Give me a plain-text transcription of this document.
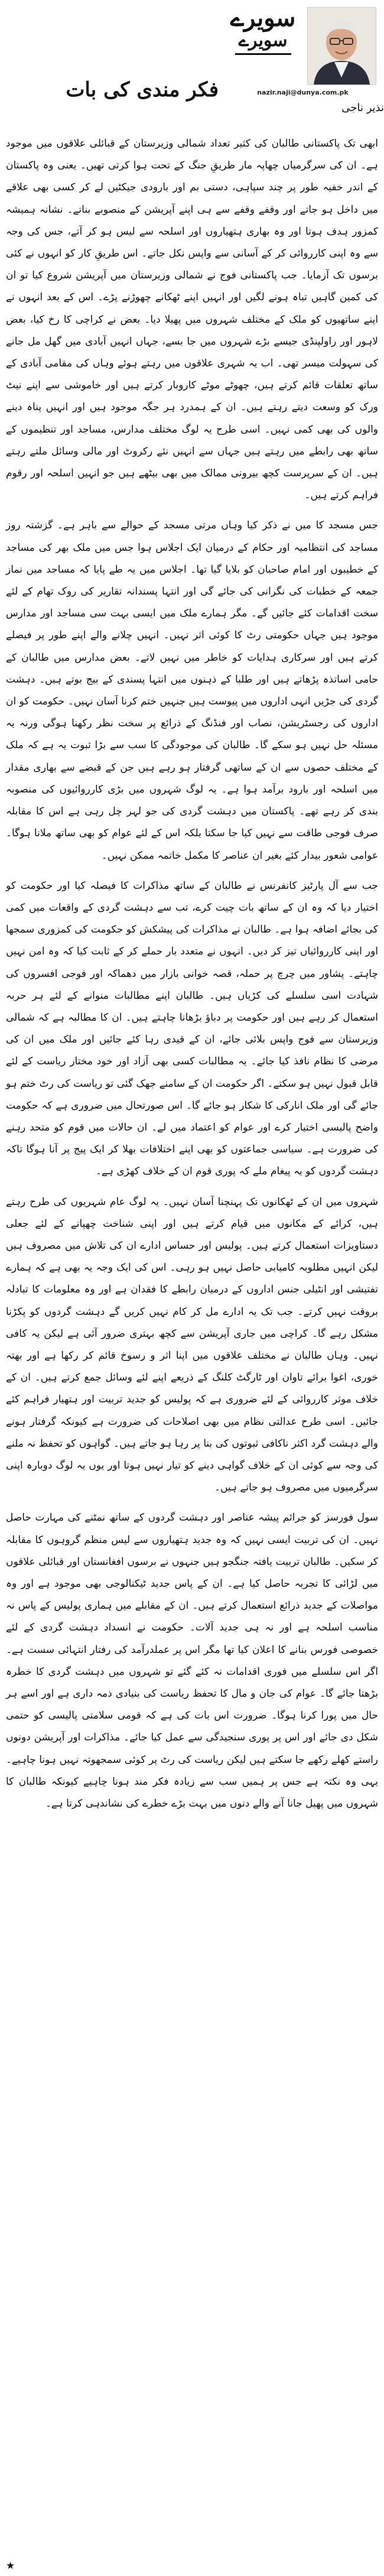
سویرے
سویرے
nazir.naji@dunya.com.pk
نذیر ناجی
فکر مندی کی بات

ابھی تک پاکستانی طالبان کی کثیر تعداد شمالی وزیرستان کے قبائلی علاقوں میں موجود ہے۔ ان کی سرگرمیاں چھاپہ مار طریقِ جنگ کے تحت ہوا کرتی تھیں۔ یعنی وہ پاکستان کے اندر خفیہ طور پر چند سپاہی، دستی بم اور بارودی جیکٹیں لے کر کسی بھی علاقے میں داخل ہو جاتے اور وقفے وقفے سے ہی اپنے آپریشن کے منصوبے بناتے۔ نشانہ ہمیشہ کمزور ہدف ہوتا اور وہ بھاری ہتھیاروں اور اسلحہ سے لیس ہو کر آتے، جس کی وجہ سے وہ اپنی کارروائی کر کے آسانی سے واپس نکل جاتے۔ اس طریقِ کار کو انہوں نے کئی برسوں تک آزمایا۔ جب پاکستانی فوج نے شمالی وزیرستان میں آپریشن شروع کیا تو ان کی کمین گاہیں تباہ ہونے لگیں اور انہیں اپنے ٹھکانے چھوڑنے پڑے۔ اس کے بعد انہوں نے اپنے ساتھیوں کو ملک کے مختلف شہروں میں پھیلا دیا۔ بعض نے کراچی کا رخ کیا، بعض لاہور اور راولپنڈی جیسے بڑے شہروں میں جا بسے، جہاں انہیں آبادی میں گھل مل جانے کی سہولت میسر تھی۔ اب یہ شہری علاقوں میں رہتے ہوئے وہاں کی مقامی آبادی کے ساتھ تعلقات قائم کرتے ہیں، چھوٹے موٹے کاروبار کرتے ہیں اور خاموشی سے اپنے نیٹ ورک کو وسعت دیتے رہتے ہیں۔ ان کے ہمدرد ہر جگہ موجود ہیں اور انہیں پناہ دینے والوں کی بھی کمی نہیں۔ اسی طرح یہ لوگ مختلف مدارس، مساجد اور تنظیموں کے ساتھ بھی رابطے میں رہتے ہیں جہاں سے انہیں نئے رکروٹ اور مالی وسائل ملتے رہتے ہیں۔ ان کے سرپرست کچھ بیرونی ممالک میں بھی بیٹھے ہیں جو انہیں اسلحہ اور رقوم فراہم کرتے ہیں۔

جس مسجد کا میں نے ذکر کیا وہاں مرتی مسجد کے حوالے سے باہر ہے۔ گزشتہ روز مساجد کی انتظامیہ اور حکام کے درمیان ایک اجلاس ہوا جس میں ملک بھر کی مساجد کے خطیبوں اور امام صاحبان کو بلایا گیا تھا۔ اجلاس میں یہ طے پایا کہ مساجد میں نماز جمعہ کے خطبات کی نگرانی کی جائے گی اور انتہا پسندانہ تقاریر کی روک تھام کے لئے سخت اقدامات کئے جائیں گے۔ مگر ہمارے ملک میں ایسی بہت سی مساجد اور مدارس موجود ہیں جہاں حکومتی رٹ کا کوئی اثر نہیں۔ انہیں چلانے والے اپنے طور پر فیصلے کرتے ہیں اور سرکاری ہدایات کو خاطر میں نہیں لاتے۔ بعض مدارس میں طالبان کے حامی اساتذہ پڑھاتے ہیں اور طلبا کے ذہنوں میں انتہا پسندی کے بیج بوتے ہیں۔ دہشت گردی کی جڑیں انہی اداروں میں پیوست ہیں جنہیں ختم کرنا آسان نہیں۔ حکومت کو ان اداروں کی رجسٹریشن، نصاب اور فنڈنگ کے ذرائع پر سخت نظر رکھنا ہوگی ورنہ یہ مسئلہ حل نہیں ہو سکے گا۔ طالبان کی موجودگی کا سب سے بڑا ثبوت یہ ہے کہ ملک کے مختلف حصوں سے ان کے ساتھی گرفتار ہو رہے ہیں جن کے قبضے سے بھاری مقدار میں اسلحہ اور بارود برآمد ہوا ہے۔ یہ لوگ شہروں میں بڑی کارروائیوں کی منصوبہ بندی کر رہے تھے۔ پاکستان میں دہشت گردی کی جو لہر چل رہی ہے اس کا مقابلہ صرف فوجی طاقت سے نہیں کیا جا سکتا بلکہ اس کے لئے عوام کو بھی ساتھ ملانا ہوگا۔ عوامی شعور بیدار کئے بغیر ان عناصر کا مکمل خاتمہ ممکن نہیں۔

جب سے آل پارٹیز کانفرنس نے طالبان کے ساتھ مذاکرات کا فیصلہ کیا اور حکومت کو اختیار دیا کہ وہ ان کے ساتھ بات چیت کرے، تب سے دہشت گردی کے واقعات میں کمی کی بجائے اضافہ ہوا ہے۔ طالبان نے مذاکرات کی پیشکش کو حکومت کی کمزوری سمجھا اور اپنی کارروائیاں تیز کر دیں۔ انہوں نے متعدد بار حملے کر کے ثابت کیا کہ وہ امن نہیں چاہتے۔ پشاور میں چرچ پر حملہ، قصہ خوانی بازار میں دھماکہ اور فوجی افسروں کی شہادت اسی سلسلے کی کڑیاں ہیں۔ طالبان اپنے مطالبات منوانے کے لئے ہر حربہ استعمال کر رہے ہیں اور حکومت پر دباؤ بڑھانا چاہتے ہیں۔ ان کا مطالبہ ہے کہ شمالی وزیرستان سے فوج واپس بلائی جائے، ان کے قیدی رہا کئے جائیں اور ملک میں ان کی مرضی کا نظام نافذ کیا جائے۔ یہ مطالبات کسی بھی آزاد اور خود مختار ریاست کے لئے قابل قبول نہیں ہو سکتے۔ اگر حکومت ان کے سامنے جھک گئی تو ریاست کی رٹ ختم ہو جائے گی اور ملک انارکی کا شکار ہو جائے گا۔ اس صورتحال میں ضروری ہے کہ حکومت واضح پالیسی اختیار کرے اور عوام کو اعتماد میں لے۔ ان حالات میں قوم کو متحد رہنے کی ضرورت ہے۔ سیاسی جماعتوں کو بھی اپنے اختلافات بھلا کر ایک پیج پر آنا ہوگا تاکہ دہشت گردوں کو یہ پیغام ملے کہ پوری قوم ان کے خلاف کھڑی ہے۔

شہروں میں ان کے ٹھکانوں تک پہنچنا آسان نہیں۔ یہ لوگ عام شہریوں کی طرح رہتے ہیں، کرائے کے مکانوں میں قیام کرتے ہیں اور اپنی شناخت چھپانے کے لئے جعلی دستاویزات استعمال کرتے ہیں۔ پولیس اور حساس ادارے ان کی تلاش میں مصروف ہیں لیکن انہیں مطلوبہ کامیابی حاصل نہیں ہو رہی۔ اس کی ایک وجہ یہ بھی ہے کہ ہمارے تفتیشی اور انٹیلی جنس اداروں کے درمیان رابطے کا فقدان ہے اور وہ معلومات کا تبادلہ بروقت نہیں کرتے۔ جب تک یہ ادارے مل کر کام نہیں کریں گے دہشت گردوں کو پکڑنا مشکل رہے گا۔ کراچی میں جاری آپریشن سے کچھ بہتری ضرور آئی ہے لیکن یہ کافی نہیں۔ وہاں طالبان نے مختلف علاقوں میں اپنا اثر و رسوخ قائم کر رکھا ہے اور بھتہ خوری، اغوا برائے تاوان اور ٹارگٹ کلنگ کے ذریعے اپنے لئے وسائل جمع کرتے ہیں۔ ان کے خلاف موثر کارروائی کے لئے ضروری ہے کہ پولیس کو جدید تربیت اور ہتھیار فراہم کئے جائیں۔ اسی طرح عدالتی نظام میں بھی اصلاحات کی ضرورت ہے کیونکہ گرفتار ہونے والے دہشت گرد اکثر ناکافی ثبوتوں کی بنا پر رہا ہو جاتے ہیں۔ گواہوں کو تحفظ نہ ملنے کی وجہ سے کوئی ان کے خلاف گواہی دینے کو تیار نہیں ہوتا اور یوں یہ لوگ دوبارہ اپنی سرگرمیوں میں مصروف ہو جاتے ہیں۔

سول فورسز کو جرائم پیشہ عناصر اور دہشت گردوں کے ساتھ نمٹنے کی مہارت حاصل نہیں۔ ان کی تربیت ایسی نہیں کہ وہ جدید ہتھیاروں سے لیس منظم گروہوں کا مقابلہ کر سکیں۔ طالبان تربیت یافتہ جنگجو ہیں جنہوں نے برسوں افغانستان اور قبائلی علاقوں میں لڑائی کا تجربہ حاصل کیا ہے۔ ان کے پاس جدید ٹیکنالوجی بھی موجود ہے اور وہ مواصلات کے جدید ذرائع استعمال کرتے ہیں۔ ان کے مقابلے میں ہماری پولیس کے پاس نہ مناسب اسلحہ ہے اور نہ ہی جدید آلات۔ حکومت نے انسداد دہشت گردی کے لئے خصوصی فورس بنانے کا اعلان کیا تھا مگر اس پر عملدرآمد کی رفتار انتہائی سست ہے۔ اگر اس سلسلے میں فوری اقدامات نہ کئے گئے تو شہروں میں دہشت گردی کا خطرہ بڑھتا جائے گا۔ عوام کی جان و مال کا تحفظ ریاست کی بنیادی ذمہ داری ہے اور اسے ہر حال میں پورا کرنا ہوگا۔ ضرورت اس بات کی ہے کہ قومی سلامتی پالیسی کو حتمی شکل دی جائے اور اس پر پوری سنجیدگی سے عمل کیا جائے۔ مذاکرات اور آپریشن دونوں راستے کھلے رکھے جا سکتے ہیں لیکن ریاست کی رٹ پر کوئی سمجھوتہ نہیں ہونا چاہیے۔ یہی وہ نکتہ ہے جس پر ہمیں سب سے زیادہ فکر مند ہونا چاہیے کیونکہ طالبان کا شہروں میں پھیل جانا آنے والے دنوں میں بہت بڑے خطرے کی نشاندہی کرتا ہے۔

★
